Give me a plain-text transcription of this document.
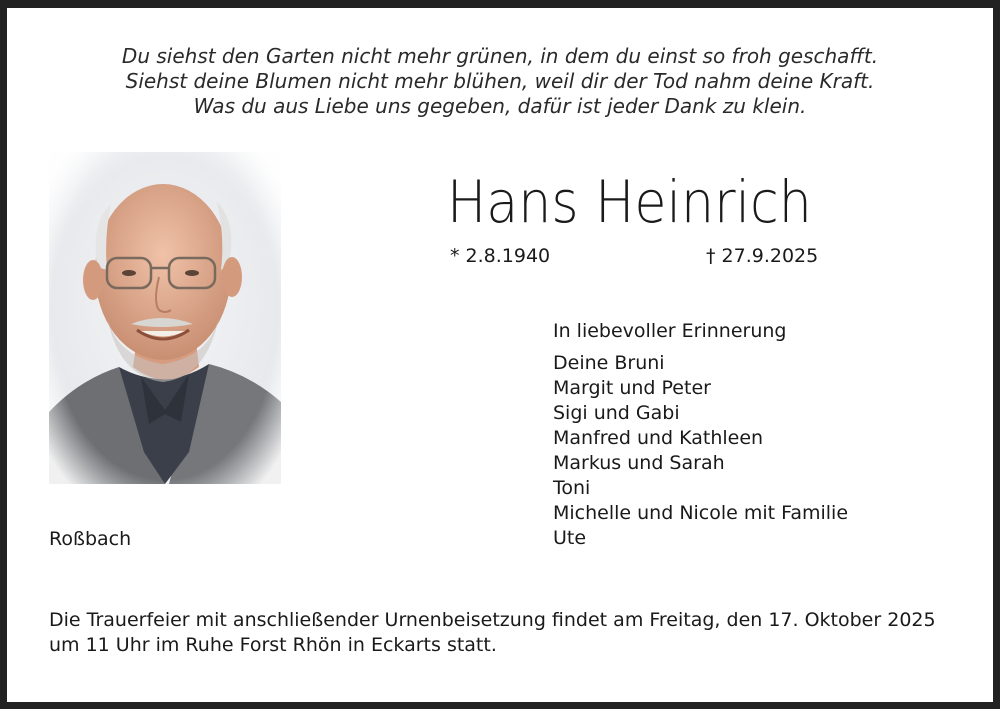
Du siehst den Garten nicht mehr grünen, in dem du einst so froh geschafft.
Siehst deine Blumen nicht mehr blühen, weil dir der Tod nahm deine Kraft.
Was du aus Liebe uns gegeben, dafür ist jeder Dank zu klein.
Hans Heinrich
* 2.8.1940	† 27.9.2025
In liebevoller Erinnerung
Deine Bruni
Margit und Peter
Sigi und Gabi
Manfred und Kathleen
Markus und Sarah
Toni
Michelle und Nicole mit Familie
Ute
Roßbach
Die Trauerfeier mit anschließender Urnenbeisetzung findet am Freitag, den 17. Oktober 2025
um 11 Uhr im Ruhe Forst Rhön in Eckarts statt.
